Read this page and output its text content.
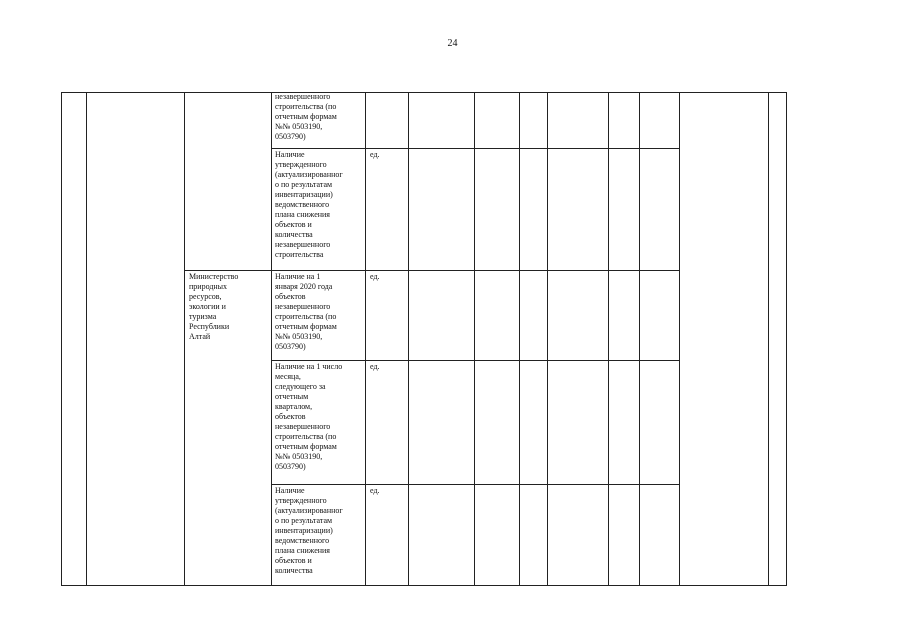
24
незавершенного
строительства (по
отчетным формам
№№ 0503190,
0503790)
Наличие
утвержденного
(актуализированног
о по результатам
инвентаризации)
ведомственного
плана снижения
объектов и
количества
незавершенного
строительства
ед.
Министерство
природных
ресурсов,
экологии и
туризма
Республики
Алтай
Наличие на 1
января 2020 года
объектов
незавершенного
строительства (по
отчетным формам
№№ 0503190,
0503790)
ед.
Наличие на 1 число
месяца,
следующего за
отчетным
кварталом,
объектов
незавершенного
строительства (по
отчетным формам
№№ 0503190,
0503790)
ед.
Наличие
утвержденного
(актуализированног
о по результатам
инвентаризации)
ведомственного
плана снижения
объектов и
количества
ед.
